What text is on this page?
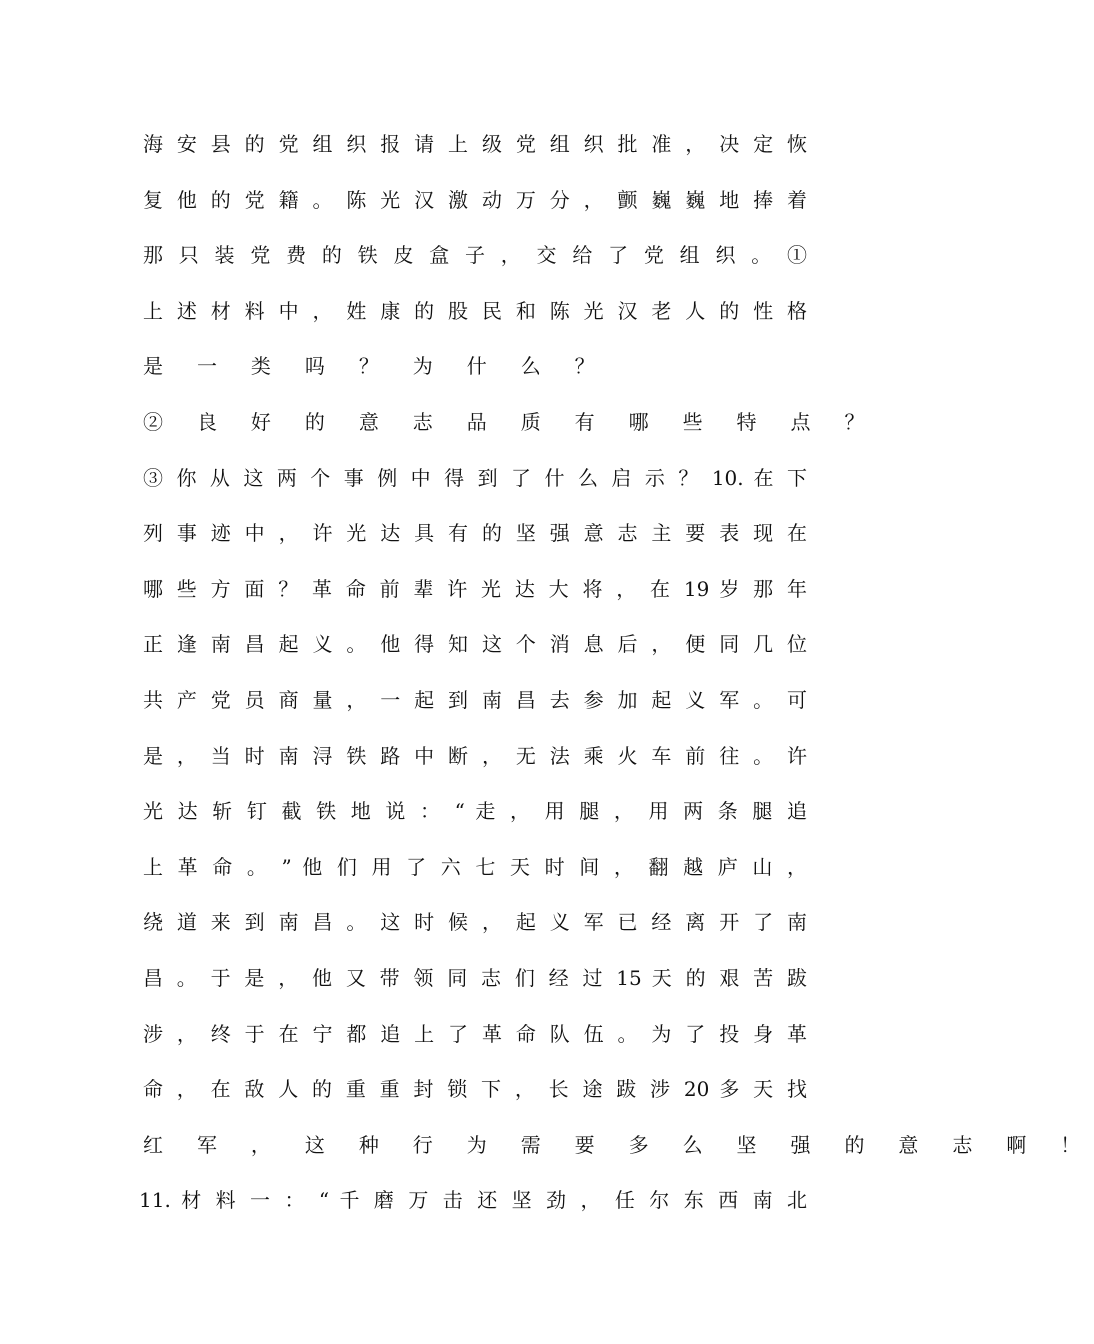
海 安 县 的 党 组 织 报 请 上 级 党 组 织 批 准 ， 决 定 恢
复 他 的 党 籍 。 陈 光 汉 激 动 万 分 ， 颤 巍 巍 地 捧 着
那 只 装 党 费 的 铁 皮 盒 子 ， 交 给 了 党 组 织 。 ①
上 述 材 料 中 ， 姓 康 的 股 民 和 陈 光 汉 老 人 的 性 格
是 一 类 吗 ？ 为 什 么 ？
② 良 好 的 意 志 品 质 有 哪 些 特 点 ？
③ 你 从 这 两 个 事 例 中 得 到 了 什 么 启 示 ？ 10. 在 下
列 事 迹 中 ， 许 光 达 具 有 的 坚 强 意 志 主 要 表 现 在
哪 些 方 面 ？ 革 命 前 辈 许 光 达 大 将 ， 在 19 岁 那 年
正 逢 南 昌 起 义 。 他 得 知 这 个 消 息 后 ， 便 同 几 位
共 产 党 员 商 量 ， 一 起 到 南 昌 去 参 加 起 义 军 。 可
是 ， 当 时 南 浔 铁 路 中 断 ， 无 法 乘 火 车 前 往 。 许
光 达 斩 钉 截 铁 地 说 ： “ 走 ， 用 腿 ， 用 两 条 腿 追
上 革 命 。 ” 他 们 用 了 六 七 天 时 间 ， 翻 越 庐 山 ，
绕 道 来 到 南 昌 。 这 时 候 ， 起 义 军 已 经 离 开 了 南
昌 。 于 是 ， 他 又 带 领 同 志 们 经 过 15 天 的 艰 苦 跋
涉 ， 终 于 在 宁 都 追 上 了 革 命 队 伍 。 为 了 投 身 革
命 ， 在 敌 人 的 重 重 封 锁 下 ， 长 途 跋 涉 20 多 天 找
红 军 ， 这 种 行 为 需 要 多 么 坚 强 的 意 志 啊 ！
11. 材 料 一 ： “ 千 磨 万 击 还 坚 劲 ， 任 尔 东 西 南 北
